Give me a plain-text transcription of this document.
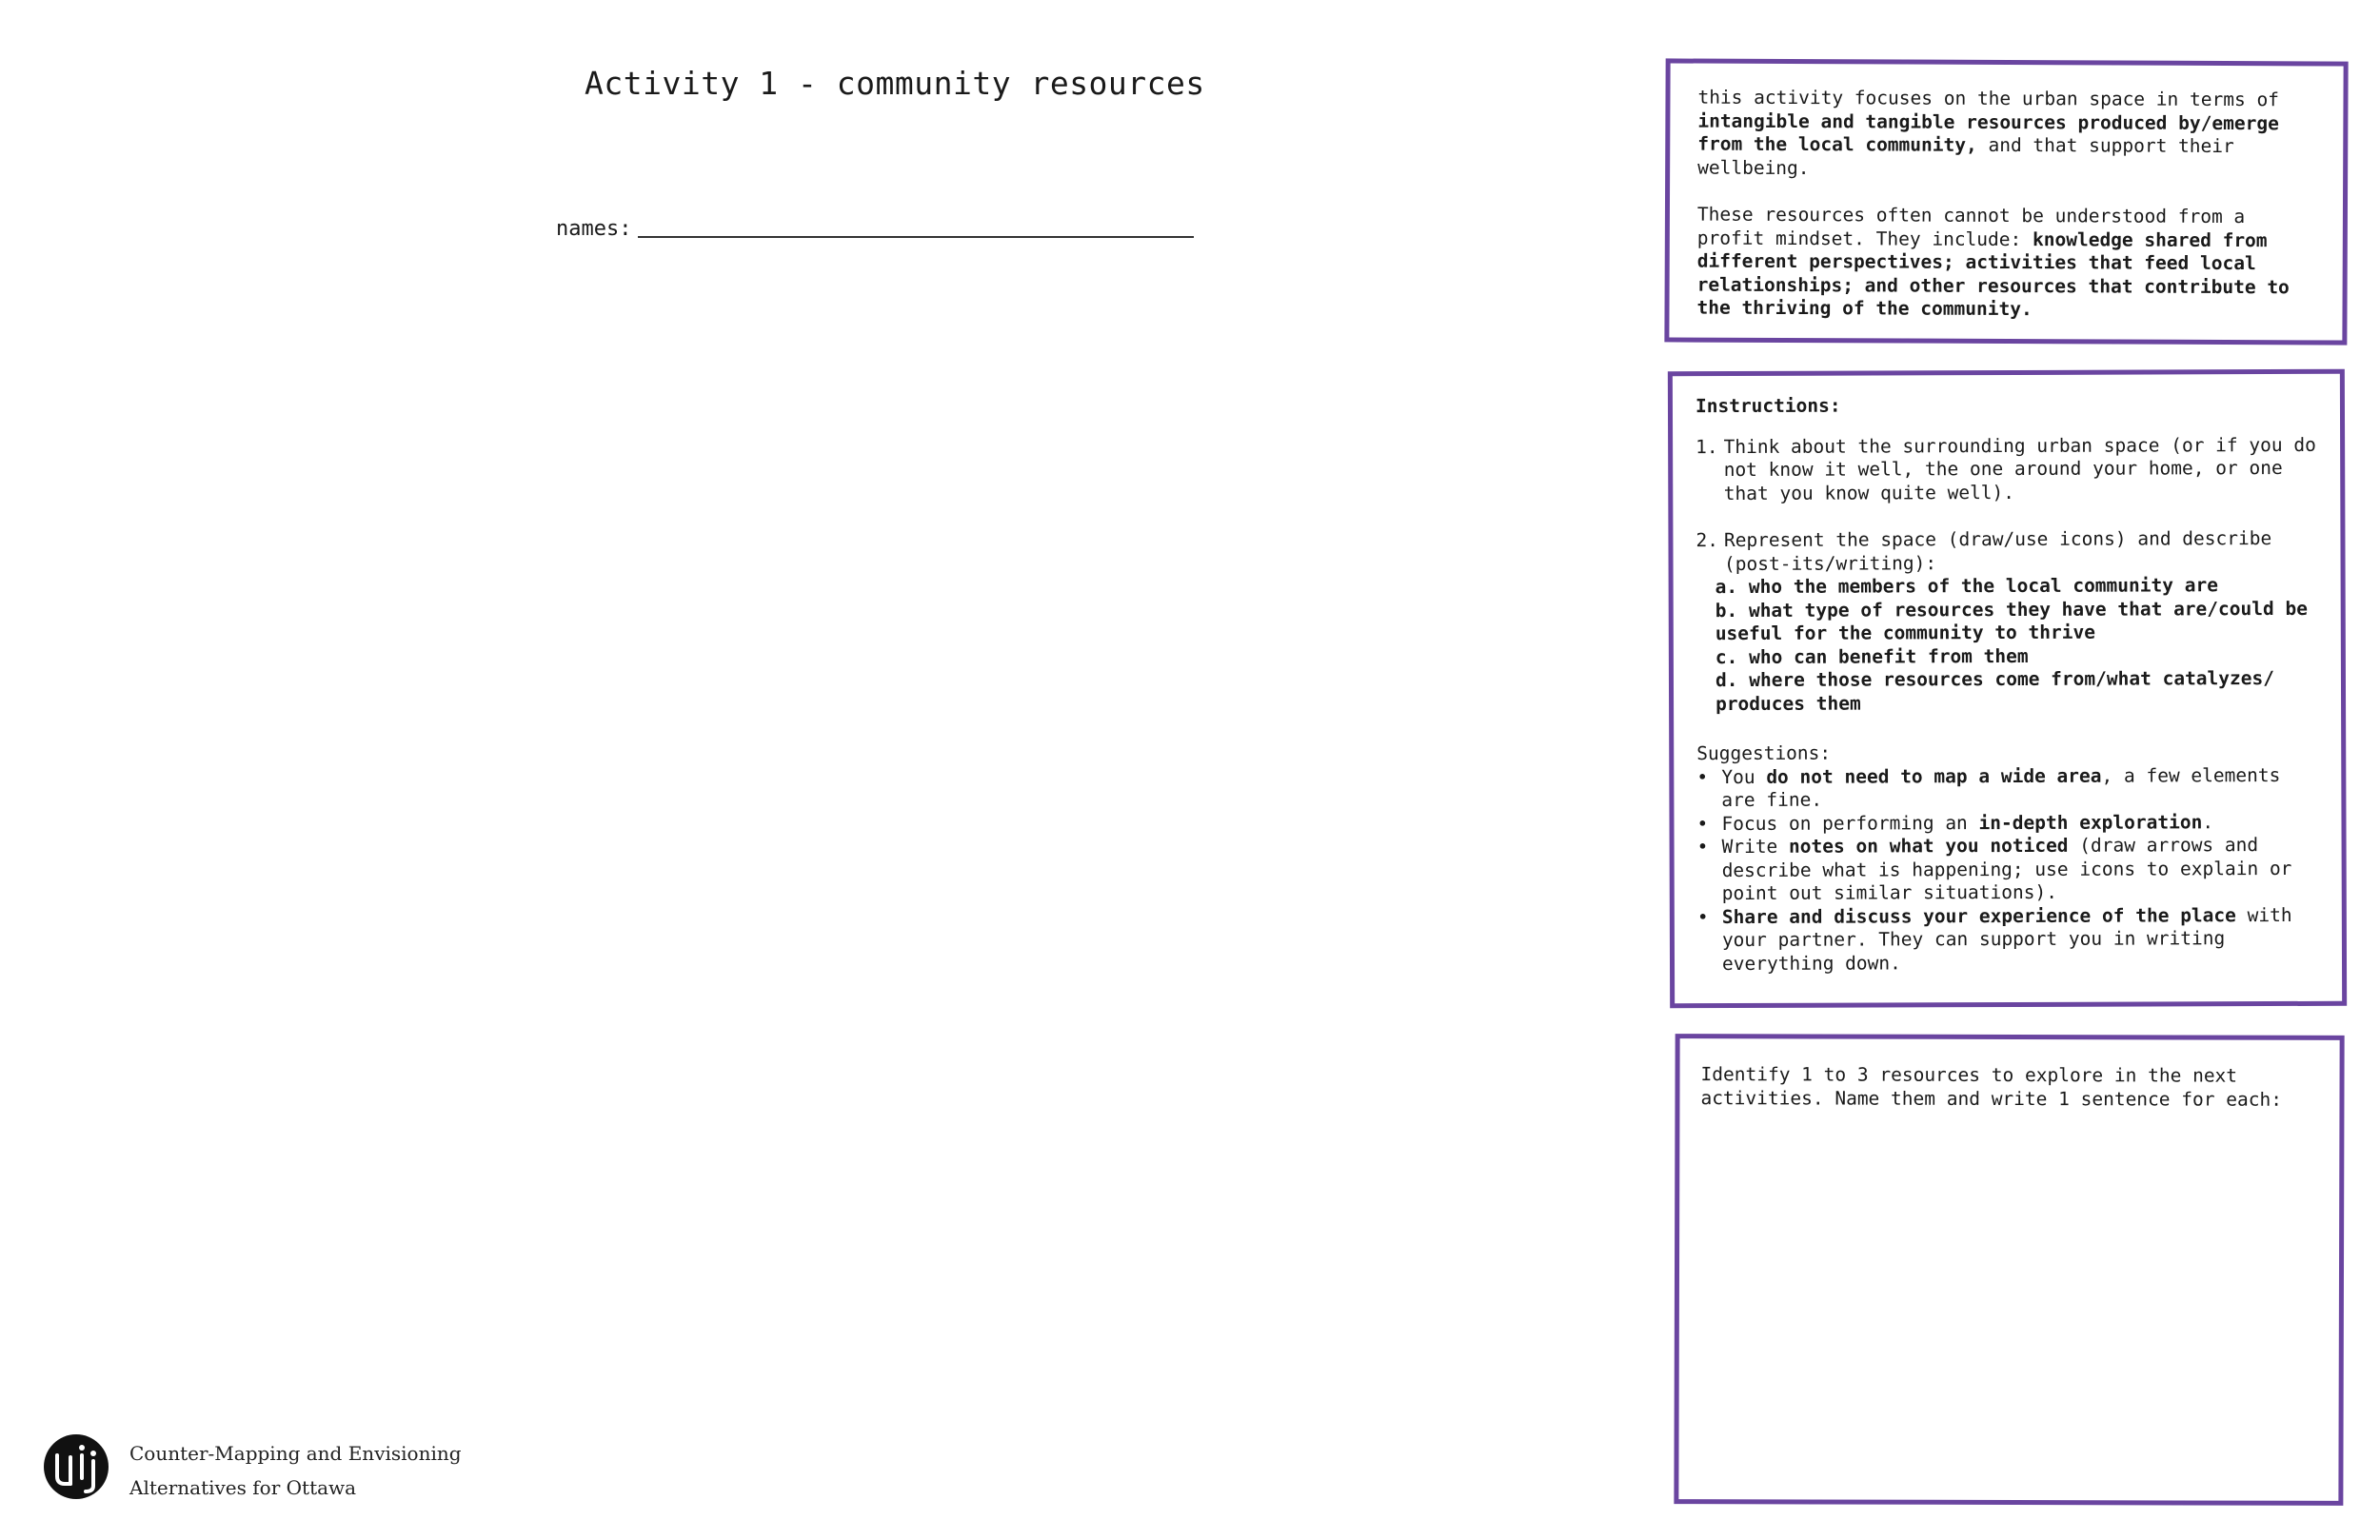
Activity 1 - community resources
names:

this activity focuses on the urban space in terms of intangible and tangible resources produced by/emerge from the local community, and that support their wellbeing.

These resources often cannot be understood from a profit mindset. They include: knowledge shared from different perspectives; activities that feed local relationships; and other resources that contribute to the thriving of the community.

Instructions:

1. Think about the surrounding urban space (or if you do not know it well, the one around your home, or one that you know quite well).
2. Represent the space (draw/use icons) and describe (post-its/writing):

a. who the members of the local community are

b. what type of resources they have that are/could be useful for the community to thrive

c. who can benefit from them

d. where those resources come from/what catalyzes/ produces them

Suggestions:

• You do not need to map a wide area, a few elements are fine.
• Focus on performing an in-depth exploration.
• Write notes on what you noticed (draw arrows and describe what is happening; use icons to explain or point out similar situations).
• Share and discuss your experience of the place with your partner. They can support you in writing everything down.

Identify 1 to 3 resources to explore in the next activities. Name them and write 1 sentence for each:

Counter-Mapping and Envisioning
Alternatives for Ottawa
